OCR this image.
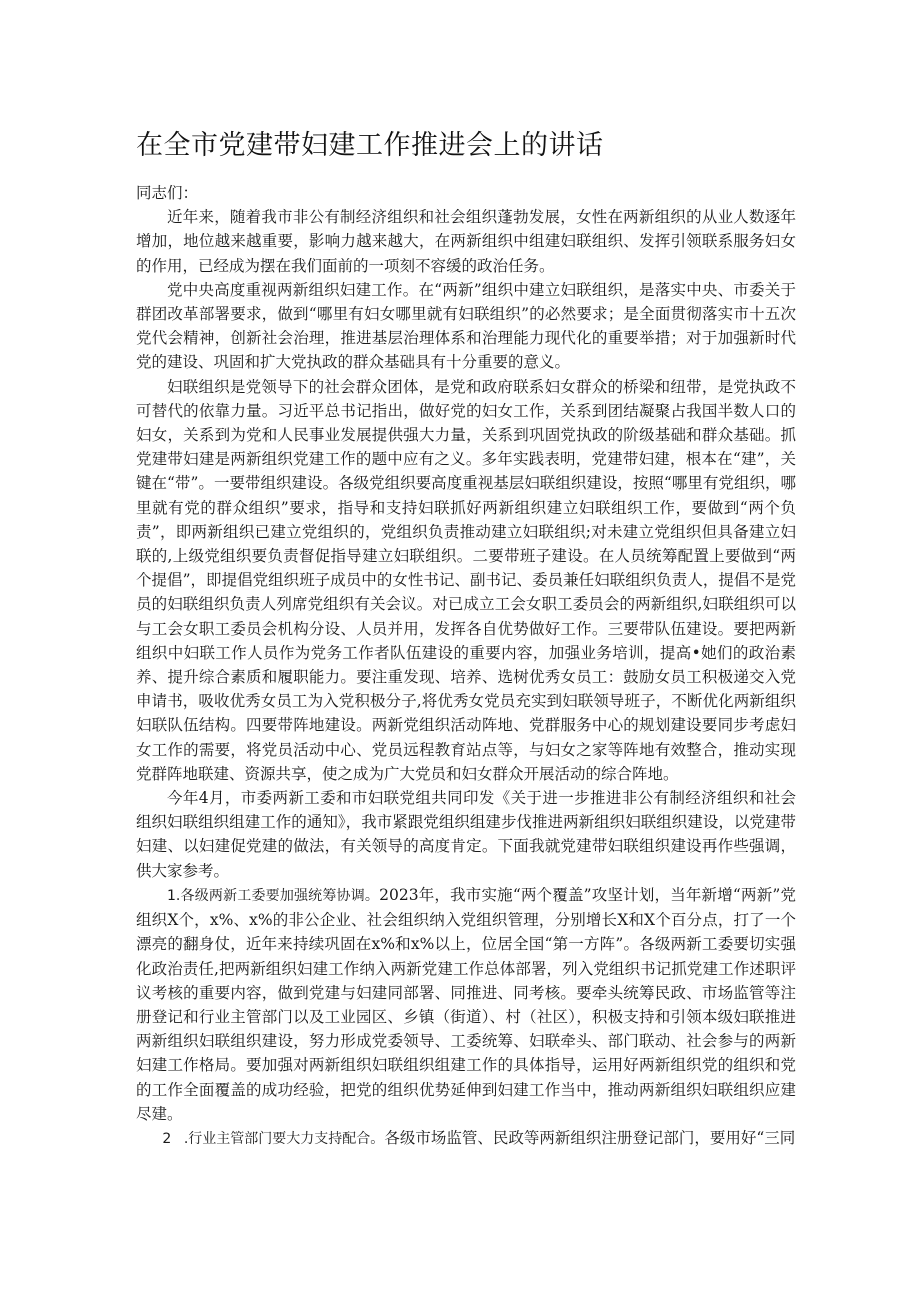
在全市党建带妇建工作推进会上的讲话

同志们：

近年来，随着我市非公有制经济组织和社会组织蓬勃发展，女性在两新组织的从业人数逐年增加，地位越来越重要，影响力越来越大，在两新组织中组建妇联组织、发挥引领联系服务妇女的作用，已经成为摆在我们面前的一项刻不容缓的政治任务。

党中央高度重视两新组织妇建工作。在“两新”组织中建立妇联组织，是落实中央、市委关于群团改革部署要求，做到“哪里有妇女哪里就有妇联组织”的必然要求；是全面贯彻落实市十五次党代会精神，创新社会治理，推进基层治理体系和治理能力现代化的重要举措；对于加强新时代党的建设、巩固和扩大党执政的群众基础具有十分重要的意义。

妇联组织是党领导下的社会群众团体，是党和政府联系妇女群众的桥梁和纽带，是党执政不可替代的依靠力量。习近平总书记指出，做好党的妇女工作，关系到团结凝聚占我国半数人口的妇女，关系到为党和人民事业发展提供强大力量，关系到巩固党执政的阶级基础和群众基础。抓党建带妇建是两新组织党建工作的题中应有之义。多年实践表明，党建带妇建，根本在“建”，关键在“带”。一要带组织建设。各级党组织要高度重视基层妇联组织建设，按照“哪里有党组织，哪里就有党的群众组织”要求，指导和支持妇联抓好两新组织建立妇联组织工作，要做到“两个负责”，即两新组织已建立党组织的，党组织负责推动建立妇联组织;对未建立党组织但具备建立妇联的,上级党组织要负责督促指导建立妇联组织。二要带班子建设。在人员统筹配置上要做到“两个提倡”，即提倡党组织班子成员中的女性书记、副书记、委员兼任妇联组织负责人，提倡不是党员的妇联组织负责人列席党组织有关会议。对已成立工会女职工委员会的两新组织,妇联组织可以与工会女职工委员会机构分设、人员并用，发挥各自优势做好工作。三要带队伍建设。要把两新组织中妇联工作人员作为党务工作者队伍建设的重要内容，加强业务培训，提高•她们的政治素养、提升综合素质和履职能力。要注重发现、培养、选树优秀女员工：鼓励女员工积极递交入党申请书，吸收优秀女员工为入党积极分子,将优秀女党员充实到妇联领导班子，不断优化两新组织妇联队伍结构。四要带阵地建设。两新党组织活动阵地、党群服务中心的规划建设要同步考虑妇女工作的需要，将党员活动中心、党员远程教育站点等，与妇女之家等阵地有效整合，推动实现党群阵地联建、资源共享，使之成为广大党员和妇女群众开展活动的综合阵地。

今年4月，市委两新工委和市妇联党组共同印发《关于进一步推进非公有制经济组织和社会组织妇联组织组建工作的通知》，我市紧跟党组织组建步伐推进两新组织妇联组织建设，以党建带妇建、以妇建促党建的做法，有关领导的高度肯定。下面我就党建带妇联组织建设再作些强调，供大家参考。

1.各级两新工委要加强统筹协调。2023年，我市实施“两个覆盖”攻坚计划，当年新增“两新”党组织X个，x%、x%的非公企业、社会组织纳入党组织管理，分别增长X和X个百分点，打了一个漂亮的翻身仗，近年来持续巩固在x%和x%以上，位居全国“第一方阵”。各级两新工委要切实强化政治责任,把两新组织妇建工作纳入两新党建工作总体部署，列入党组织书记抓党建工作述职评议考核的重要内容，做到党建与妇建同部署、同推进、同考核。要牵头统筹民政、市场监管等注册登记和行业主管部门以及工业园区、乡镇（街道）、村（社区），积极支持和引领本级妇联推进两新组织妇联组织建设，努力形成党委领导、工委统筹、妇联牵头、部门联动、社会参与的两新妇建工作格局。要加强对两新组织妇联组织组建工作的具体指导，运用好两新组织党的组织和党的工作全面覆盖的成功经验，把党的组织优势延伸到妇建工作当中，推动两新组织妇联组织应建尽建。

2 .行业主管部门要大力支持配合。各级市场监管、民政等两新组织注册登记部门，要用好“三同
